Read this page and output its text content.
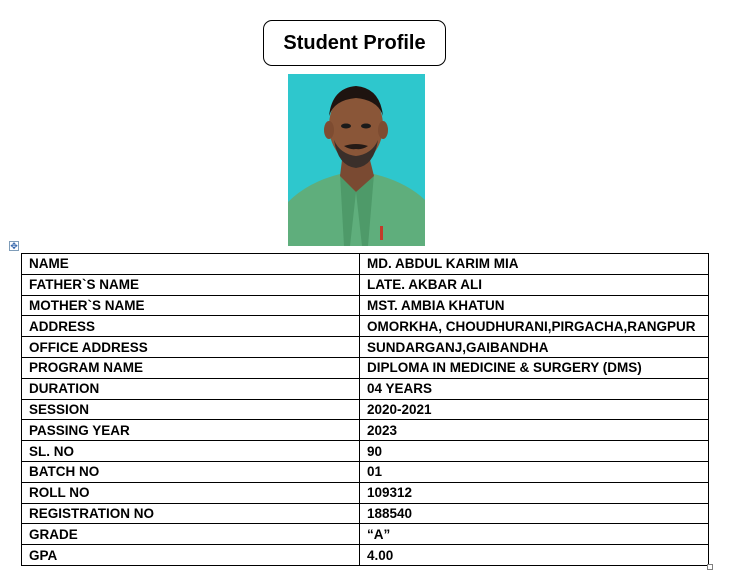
Student Profile
✥
NAME	MD. ABDUL KARIM MIA
FATHER`S NAME	LATE. AKBAR ALI
MOTHER`S NAME	MST. AMBIA KHATUN
ADDRESS	OMORKHA, CHOUDHURANI,PIRGACHA,RANGPUR
OFFICE ADDRESS	SUNDARGANJ,GAIBANDHA
PROGRAM NAME	DIPLOMA IN MEDICINE & SURGERY (DMS)
DURATION	04 YEARS
SESSION	2020-2021
PASSING YEAR	2023
SL. NO	90
BATCH NO	01
ROLL NO	109312
REGISTRATION NO	188540
GRADE	“A”
GPA	4.00
